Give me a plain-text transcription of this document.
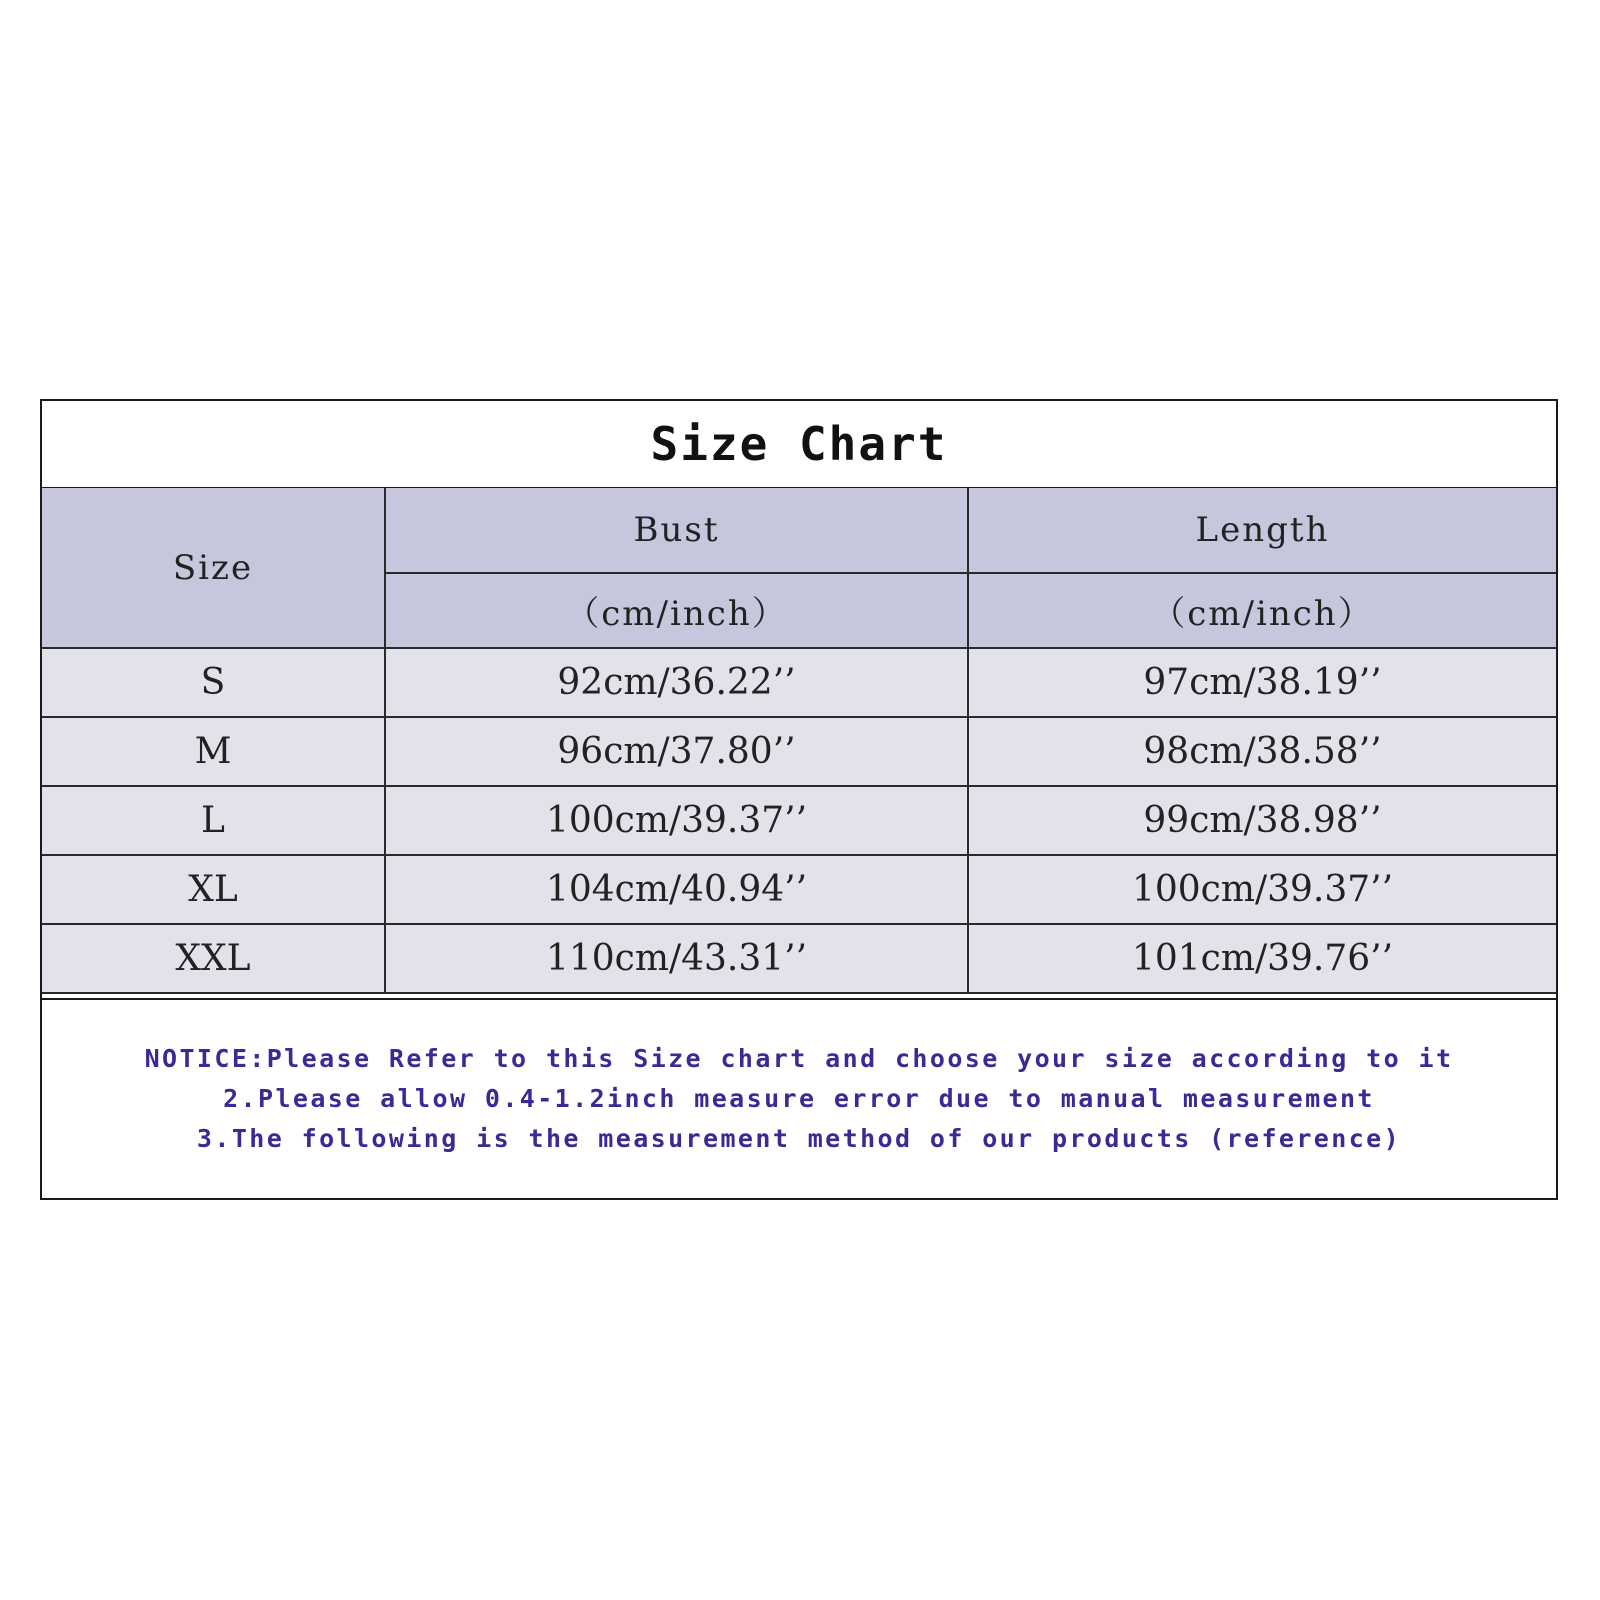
Size Chart
Size	Bust	Length
	（cm/inch）	（cm/inch）
S	92cm/36.22’’	97cm/38.19’’
M	96cm/37.80’’	98cm/38.58’’
L	100cm/39.37’’	99cm/38.98’’
XL	104cm/40.94’’	100cm/39.37’’
XXL	110cm/43.31’’	101cm/39.76’’
NOTICE:Please Refer to this Size chart and choose your size according to it
2.Please allow 0.4-1.2inch measure error due to manual measurement
3.The following is the measurement method of our products (reference)
